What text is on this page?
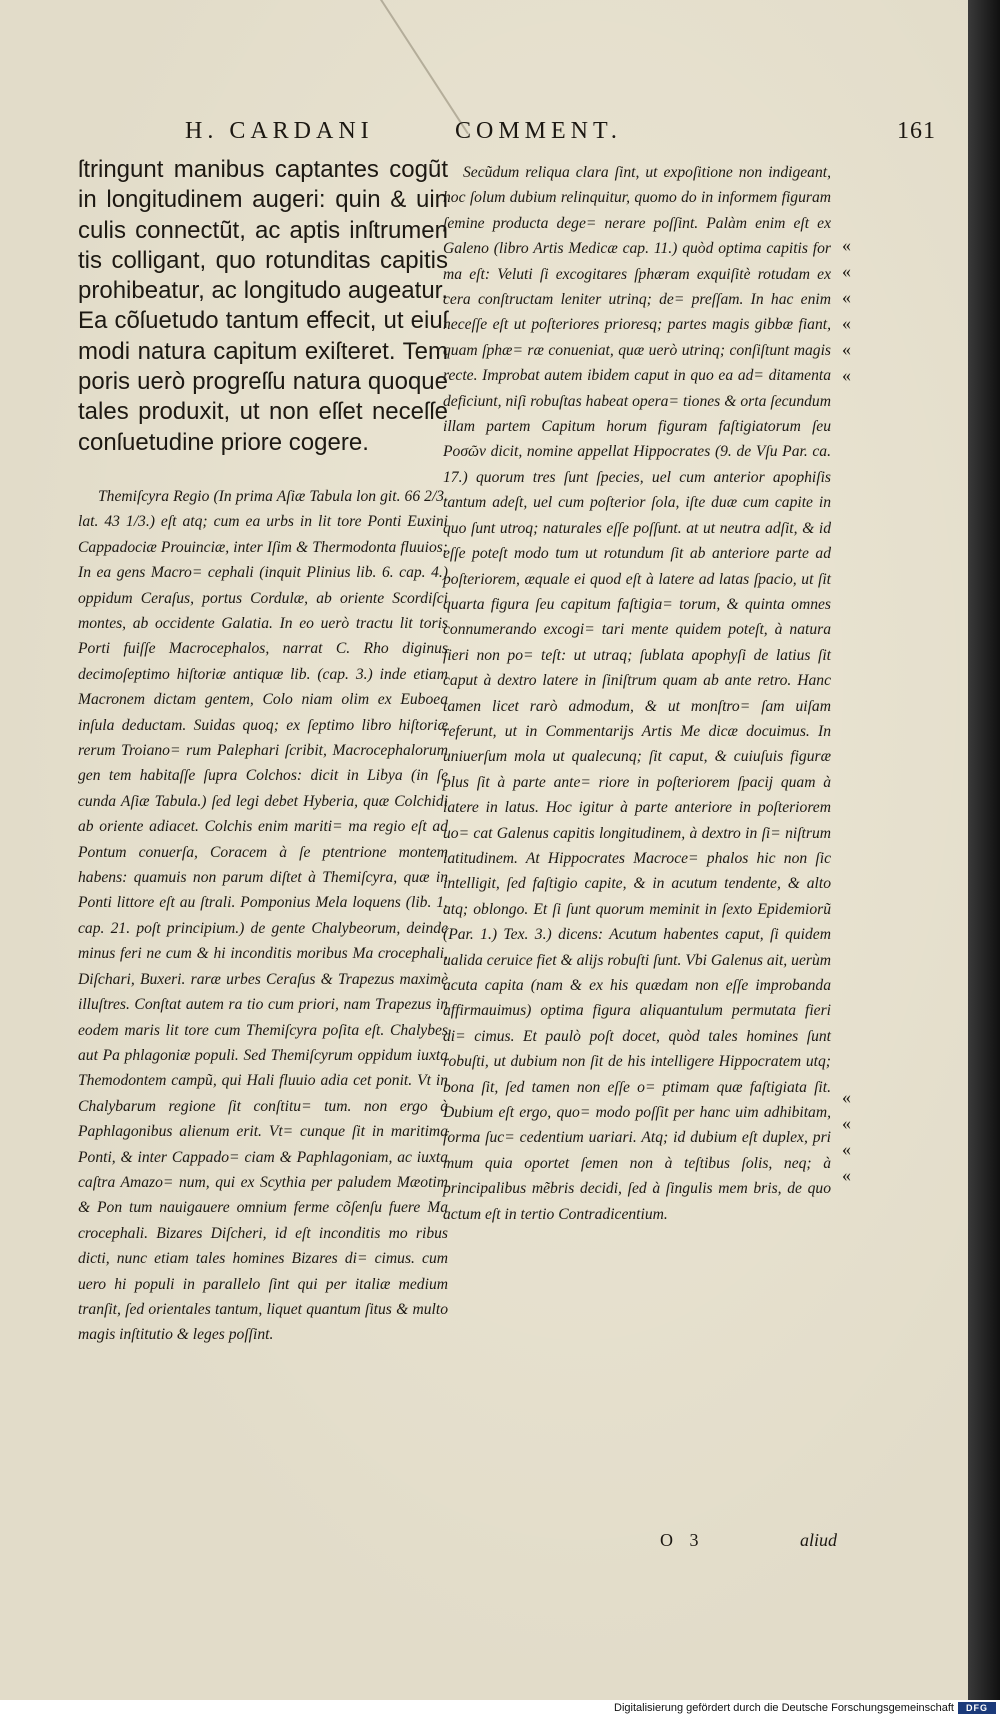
H. CARDANI	COMMENT.	161

ſtringunt manibus captantes cogũt in longitudinem augeri: quin & uin culis connectũt, ac aptis inſtrumen tis colligant, quo rotunditas capitis prohibeatur, ac longitudo augeatur. Ea cõſuetudo tantum effecit, ut eiuſ modi natura capitum exiſteret. Tem poris uerò progreſſu natura quoque tales produxit, ut non eſſet neceſſe conſuetudine priore cogere.

Themiſcyra Regio (In prima Aſiæ Tabula lon git. 66 2/3. lat. 43 1/3.) eſt atq; cum ea urbs in lit tore Ponti Euxini Cappadociæ Prouinciæ, inter Iſim & Thermodonta fluuios: In ea gens Macro= cephali (inquit Plinius lib. 6. cap. 4.) oppidum Ceraſus, portus Cordulæ, ab oriente Scordiſci montes, ab occidente Galatia. In eo uerò tractu lit toris Porti fuiſſe Macrocephalos, narrat C. Rho diginus decimoſeptimo hiſtoriæ antiquæ lib. (cap. 3.) inde etiam Macronem dictam gentem, Colo niam olim ex Euboea inſula deductam. Suidas quoq; ex ſeptimo libro hiſtoriæ rerum Troiano= rum Palephari ſcribit, Macrocephalorum gen tem habitaſſe ſupra Colchos: dicit in Libya (in ſe cunda Aſiæ Tabula.) ſed legi debet Hyberia, quæ Colchidi ab oriente adiacet. Colchis enim mariti= ma regio eſt ad Pontum conuerſa, Coracem à ſe ptentrione montem habens: quamuis non parum diſtet à Themiſcyra, quæ in Ponti littore eſt au ſtrali. Pomponius Mela loquens (lib. 1. cap. 21. poſt principium.) de gente Chalybeorum, deinde minus feri ne cum & hi inconditis moribus Ma crocephali, Diſchari, Buxeri. raræ urbes Ceraſus & Trapezus maximè illuſtres. Conſtat autem ra tio cum priori, nam Trapezus in eodem maris lit tore cum Themiſcyra poſita eſt. Chalybes aut Pa phlagoniæ populi. Sed Themiſcyrum oppidum iuxta Themodontem campũ, qui Hali fluuio adia cet ponit. Vt in Chalybarum regione ſit conſtitu= tum. non ergo à Paphlagonibus alienum erit. Vt= cunque ſit in maritima Ponti, & inter Cappado= ciam & Paphlagoniam, ac iuxta caſtra Amazo= num, qui ex Scythia per paludem Mæotim & Pon tum nauigauere omnium ferme cõſenſu fuere Ma crocephali. Bizares Diſcheri, id eſt inconditis mo ribus dicti, nunc etiam tales homines Bizares di= cimus. cum uero hi populi in parallelo ſint qui per italiæ medium tranſit, ſed orientales tantum, liquet quantum ſitus & multo magis inſtitutio & leges poſſint.

Secũdum reliqua clara ſint, ut expoſitione non indigeant, hoc ſolum dubium relinquitur, quomo do in informem figuram ſemine producta dege= nerare poſſint. Palàm enim eſt ex Galeno (libro Artis Medicæ cap. 11.) quòd optima capitis for ma eſt: Veluti ſi excogitares ſphæram exquiſitè rotudam ex cera conſtructam leniter utrinq; de= preſſam. In hac enim neceſſe eſt ut poſteriores prioresq; partes magis gibbæ fiant, quam ſphæ= ræ conueniat, quæ uerò utrinq; conſiſtunt magis recte. Improbat autem ibidem caput in quo ea ad= ditamenta deficiunt, niſi robuſtas habeat opera= tiones & orta ſecundum illam partem Capitum horum figuram faſtigiatorum ſeu Ροσῶν dicit, nomine appellat Hippocrates (9. de Vſu Par. ca. 17.) quorum tres ſunt ſpecies, uel cum anterior apophiſis tantum adeſt, uel cum poſterior ſola, iſte duæ cum capite in quo ſunt utroq; naturales eſſe poſſunt. at ut neutra adſit, & id eſſe poteſt modo tum ut rotundum ſit ab anteriore parte ad poſteriorem, æquale ei quod eſt à latere ad latas ſpacio, ut ſit quarta figura ſeu capitum faſtigia= torum, & quinta omnes connumerando excogi= tari mente quidem poteſt, à natura fieri non po= teſt: ut utraq; ſublata apophyſi de latius ſit caput à dextro latere in ſiniſtrum quam ab ante retro. Hanc tamen licet rarò admodum, & ut monſtro= ſam uiſam referunt, ut in Commentarijs Artis Me dicæ docuimus. In uniuerſum mola ut qualecunq; ſit caput, & cuiuſuis figuræ plus ſit à parte ante= riore in poſteriorem ſpacij quam à latere in latus. Hoc igitur à parte anteriore in poſteriorem uo= cat Galenus capitis longitudinem, à dextro in ſi= niſtrum latitudinem. At Hippocrates Macroce= phalos hic non ſic intelligit, ſed faſtigio capite, & in acutum tendente, & alto atq; oblongo. Et ſi ſunt quorum meminit in ſexto Epidemiorũ (Par. 1.) Tex. 3.) dicens: Acutum habentes caput, ſi quidem ualida ceruice fiet & alijs robuſti ſunt. Vbi Galenus ait, uerùm acuta capita (nam & ex his quædam non eſſe improbanda affirmauimus) optima figura aliquantulum permutata fieri di= cimus. Et paulò poſt docet, quòd tales homines ſunt robuſti, ut dubium non ſit de his intelligere Hippocratem utq; bona ſit, ſed tamen non eſſe o= ptimam quæ faſtigiata ſit. Dubium eſt ergo, quo= modo poſſit per hanc uim adhibitam, forma ſuc= cedentium uariari. Atq; id dubium eſt duplex, pri mum quia oportet ſemen non à teſtibus ſolis, neq; à principalibus mẽbris decidi, ſed à ſingulis mem bris, de quo actum eſt in tertio Contradicentium.

«
«
«
«
«
«
«
«
«
«
O 3	aliud
Digitalisierung gefördert durch die Deutsche Forschungsgemeinschaft	DFG
